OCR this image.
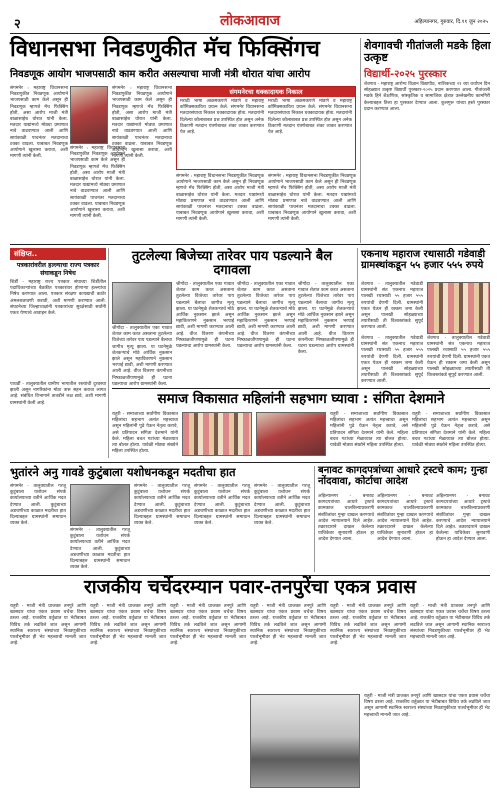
२	लोकआवाज	अहिल्यानगर, गुरुवार, दि.११ जुन २०२५
विधानसभा निवडणुकीत मॅच फिक्सिंगच
निवडणूक आयोग भाजपसाठी काम करीत असल्याचा माजी मंत्री थोरात यांचा आरोप
संगमनेर : महाराष्ट्र विधानसभा निवडणुकीत निवडणूक आयोगाने भाजपसाठी काम केले असून ही निवडणूक म्हणजे मॅच फिक्सिंग होती, असा आरोप माजी मंत्री बाळासाहेब थोरात यांनी केला. मतदार याद्यांमध्ये मोठ्या प्रमाणात नावे वाढवण्यात आली आणि सायंकाळी पाचनंतर मतदानाचा टक्का वाढला. याबाबत निवडणूक आयोगाने खुलासा करावा, अशी मागणी त्यांनी केली.
संगमनेर : महाराष्ट्र विधानसभा निवडणुकीत निवडणूक आयोगाने भाजपसाठी काम केले असून ही निवडणूक म्हणजे मॅच फिक्सिंग होती, असा आरोप माजी मंत्री बाळासाहेब थोरात यांनी केला. मतदार याद्यांमध्ये मोठ्या प्रमाणात नावे वाढवण्यात आली आणि सायंकाळी पाचनंतर मतदानाचा टक्का वाढला. याबाबत निवडणूक आयोगाने खुलासा करावा, अशी मागणी त्यांनी केली.
संगमनेर : महाराष्ट्र विधानसभा निवडणुकीत निवडणूक आयोगाने भाजपसाठी काम केले असून ही निवडणूक म्हणजे मॅच फिक्सिंग होती, असा आरोप माजी मंत्री बाळासाहेब थोरात यांनी केला. मतदार याद्यांमध्ये मोठ्या प्रमाणात नावे वाढवण्यात आली आणि सायंकाळी पाचनंतर मतदानाचा टक्का वाढला. याबाबत निवडणूक आयोगाने खुलासा करावा, अशी मागणी त्यांनी केली.
संगमनेरचा धक्कादायक निकाल
मराठी भाषा आक्रमकपणे मांडणे व महाराष्ट्र कॉमिक्सकारिता प्रयत्न केले. संगमनेर विधानसभा मतदारसंघाचा निकाल धक्कादायक होता. मतदारांनी दिलेल्या कौलाबाबत प्रश्न उपस्थित होत असून अनेक ठिकाणी मतदान यंत्रणेबाबत शंका व्यक्त करण्यात येत आहे.
मराठी भाषा आक्रमकपणे मांडणे व महाराष्ट्र कॉमिक्सकारिता प्रयत्न केले. संगमनेर विधानसभा मतदारसंघाचा निकाल धक्कादायक होता. मतदारांनी दिलेल्या कौलाबाबत प्रश्न उपस्थित होत असून अनेक ठिकाणी मतदान यंत्रणेबाबत शंका व्यक्त करण्यात येत आहे.
संगमनेर : महाराष्ट्र विधानसभा निवडणुकीत निवडणूक आयोगाने भाजपसाठी काम केले असून ही निवडणूक म्हणजे मॅच फिक्सिंग होती, असा आरोप माजी मंत्री बाळासाहेब थोरात यांनी केला. मतदार याद्यांमध्ये मोठ्या प्रमाणात नावे वाढवण्यात आली आणि सायंकाळी पाचनंतर मतदानाचा टक्का वाढला. याबाबत निवडणूक आयोगाने खुलासा करावा, अशी मागणी त्यांनी केली.
संगमनेर : महाराष्ट्र विधानसभा निवडणुकीत निवडणूक आयोगाने भाजपसाठी काम केले असून ही निवडणूक म्हणजे मॅच फिक्सिंग होती, असा आरोप माजी मंत्री बाळासाहेब थोरात यांनी केला. मतदार याद्यांमध्ये मोठ्या प्रमाणात नावे वाढवण्यात आली आणि सायंकाळी पाचनंतर मतदानाचा टक्का वाढला. याबाबत निवडणूक आयोगाने खुलासा करावा, अशी मागणी त्यांनी केली.
शेवगावची गीतांजली मडके हिला उत्कृष्ट
विद्यार्थी-२०२५ पुरस्कार
शेवगाव - महाराष्ट्र आरोग्य विज्ञान विद्यापीठ, नाशिकच्या २१ व्या वर्धापन दिन सोहळ्यात उत्कृष्ट विद्यार्थी पुरस्कार-२०२५ प्रदान करण्यात आला. गीतांजली मडके हिने शैक्षणिक, सांस्कृतिक व सामाजिक क्षेत्रात उल्लेखनीय कामगिरी केल्याबद्दल तिला हा पुरस्कार देण्यात आला. कुलगुरू यांच्या हस्ते पुरस्कार प्रदान करण्यात आला.
संक्षिप्त..
पत्रकारांवरील हल्ल्याचा राज्य पत्रकार संघाकडून निषेध
शिर्डी - महाराष्ट्र राज्य पत्रकार संघाच्या शिर्डीतील पदाधिकाऱ्यांच्या बैठकीत पत्रकारांवर होणाऱ्या हल्ल्यांचा निषेध करण्यात आला. पत्रकार संरक्षण कायद्याची कठोर अंमलबजावणी करावी, अशी मागणी करण्यात आली. संघटनेच्या जिल्हाध्यक्षांनी पत्रकारांच्या सुरक्षेसाठी सर्वांनी एकत्र येण्याचे आवाहन केले.
पाथर्डी - तालुक्यातील ग्रामीण भागातील रस्त्यांची दुरवस्था झाली असून नागरिकांना मोठा त्रास सहन करावा लागत आहे. संबंधित विभागाने तातडीने लक्ष द्यावे, अशी मागणी ग्रामस्थांनी केली आहे.
तुटलेल्या बिजेच्या तारेवर पाय पडल्याने बैल दगावला
श्रीगोंदा - तालुक्यातील एका गावात शेतात काम करत असताना तुटलेल्या विजेच्या तारेवर पाय पडल्याने बैलाचा जागीच मृत्यू झाला. या घटनेमुळे शेतकऱ्याचे मोठे आर्थिक नुकसान झाले असून महावितरणने नुकसान भरपाई द्यावी, अशी मागणी करण्यात आली आहे. वीज वितरण कंपनीच्या निष्काळजीपणामुळे ही घटना घडल्याचा आरोप ग्रामस्थांनी केला.
श्रीगोंदा - तालुक्यातील एका गावात शेतात काम करत असताना तुटलेल्या विजेच्या तारेवर पाय पडल्याने बैलाचा जागीच मृत्यू झाला. या घटनेमुळे शेतकऱ्याचे मोठे आर्थिक नुकसान झाले असून महावितरणने नुकसान भरपाई द्यावी, अशी मागणी करण्यात आली आहे. वीज वितरण कंपनीच्या निष्काळजीपणामुळे ही घटना घडल्याचा आरोप ग्रामस्थांनी केला.
श्रीगोंदा - तालुक्यातील एका गावात शेतात काम करत असताना तुटलेल्या विजेच्या तारेवर पाय पडल्याने बैलाचा जागीच मृत्यू झाला. या घटनेमुळे शेतकऱ्याचे मोठे आर्थिक नुकसान झाले असून महावितरणने नुकसान भरपाई द्यावी, अशी मागणी करण्यात आली आहे. वीज वितरण कंपनीच्या निष्काळजीपणामुळे ही घटना घडल्याचा आरोप ग्रामस्थांनी केला.
श्रीगोंदा - तालुक्यातील एका गावात शेतात काम करत असताना तुटलेल्या विजेच्या तारेवर पाय पडल्याने बैलाचा जागीच मृत्यू झाला. या घटनेमुळे शेतकऱ्याचे मोठे आर्थिक नुकसान झाले असून महावितरणने नुकसान भरपाई द्यावी, अशी मागणी करण्यात आली आहे. वीज वितरण कंपनीच्या निष्काळजीपणामुळे ही घटना घडल्याचा आरोप ग्रामस्थांनी केला.
एकनाथ महाराज रथासाठी गडेवाडी ग्रामस्थांकडून ५५ हजार ५५५ रुपये
शेवगाव - तालुक्यातील गडेवाडी ग्रामस्थांनी संत एकनाथ महाराज पालखी रथासाठी ५५ हजार ५५५ रुपयांची देणगी दिली. ग्रामस्थांनी एकत्र येऊन ही रक्कम जमा केली असून पालखी सोहळ्याच्या तयारीसाठी ती विश्वस्तांकडे सुपूर्द करण्यात आली.
शेवगाव - तालुक्यातील गडेवाडी ग्रामस्थांनी संत एकनाथ महाराज पालखी रथासाठी ५५ हजार ५५५ रुपयांची देणगी दिली. ग्रामस्थांनी एकत्र येऊन ही रक्कम जमा केली असून पालखी सोहळ्याच्या तयारीसाठी ती विश्वस्तांकडे सुपूर्द करण्यात आली.
शेवगाव - तालुक्यातील गडेवाडी ग्रामस्थांनी संत एकनाथ महाराज पालखी रथासाठी ५५ हजार ५५५ रुपयांची देणगी दिली. ग्रामस्थांनी एकत्र येऊन ही रक्कम जमा केली असून पालखी सोहळ्याच्या तयारीसाठी ती विश्वस्तांकडे सुपूर्द करण्यात आली.
समाज विकासात महिलांनी सहभाग घ्यावा : संगिता देशमाने
राहुरी - समाजाच्या सर्वांगीण विकासात महिलांचा सहभाग अत्यंत महत्त्वाचा असून महिलांनी पुढे येऊन नेतृत्व करावे, असे प्रतिपादन संगिता देशमाने यांनी केले. महिला बचत गटांच्या मेळाव्यात त्या बोलत होत्या. यावेळी मोठ्या संख्येने महिला उपस्थित होत्या.
राहुरी - समाजाच्या सर्वांगीण विकासात महिलांचा सहभाग अत्यंत महत्त्वाचा असून महिलांनी पुढे येऊन नेतृत्व करावे, असे प्रतिपादन संगिता देशमाने यांनी केले. महिला बचत गटांच्या मेळाव्यात त्या बोलत होत्या. यावेळी मोठ्या संख्येने महिला उपस्थित होत्या.
राहुरी - समाजाच्या सर्वांगीण विकासात महिलांचा सहभाग अत्यंत महत्त्वाचा असून महिलांनी पुढे येऊन नेतृत्व करावे, असे प्रतिपादन संगिता देशमाने यांनी केले. महिला बचत गटांच्या मेळाव्यात त्या बोलत होत्या. यावेळी मोठ्या संख्येने महिला उपस्थित होत्या.
भुतांरने अनु गावडे कुटुंबाला यशोधनकडून मदतीचा हात
संगमनेर - तालुक्यातील गरजू कुटुंबाला यशोधन संपर्क कार्यालयाच्या वतीने आर्थिक मदत देण्यात आली. कुटुंबाच्या अडचणीच्या काळात मदतीचा हात दिल्याबद्दल ग्रामस्थांनी समाधान व्यक्त केले.
संगमनेर - तालुक्यातील गरजू कुटुंबाला यशोधन संपर्क कार्यालयाच्या वतीने आर्थिक मदत देण्यात आली. कुटुंबाच्या अडचणीच्या काळात मदतीचा हात दिल्याबद्दल ग्रामस्थांनी समाधान व्यक्त केले.
संगमनेर - तालुक्यातील गरजू कुटुंबाला यशोधन संपर्क कार्यालयाच्या वतीने आर्थिक मदत देण्यात आली. कुटुंबाच्या अडचणीच्या काळात मदतीचा हात दिल्याबद्दल ग्रामस्थांनी समाधान व्यक्त केले.
संगमनेर - तालुक्यातील गरजू कुटुंबाला यशोधन संपर्क कार्यालयाच्या वतीने आर्थिक मदत देण्यात आली. कुटुंबाच्या अडचणीच्या काळात मदतीचा हात दिल्याबद्दल ग्रामस्थांनी समाधान व्यक्त केले.
संगमनेर - तालुक्यातील गरजू कुटुंबाला यशोधन संपर्क कार्यालयाच्या वतीने आर्थिक मदत देण्यात आली. कुटुंबाच्या अडचणीच्या काळात मदतीचा हात दिल्याबद्दल ग्रामस्थांनी समाधान व्यक्त केले.
बनावट कागदपत्रांच्या आधारे ट्रस्टचे काम; गुन्हा नोंदवावा, कोर्टाचा आदेश
अहिल्यानगर - बनावट कागदपत्रांच्या आधारे ट्रस्टचे कामकाज चालविल्याप्रकरणी संबंधितांवर गुन्हा दाखल करण्याचे आदेश न्यायालयाने दिले आहेत. तक्रारदाराने दाखल केलेल्या याचिकेवर सुनावणी होऊन हा आदेश देण्यात आला.
अहिल्यानगर - बनावट कागदपत्रांच्या आधारे ट्रस्टचे कामकाज चालविल्याप्रकरणी संबंधितांवर गुन्हा दाखल करण्याचे आदेश न्यायालयाने दिले आहेत. तक्रारदाराने दाखल केलेल्या याचिकेवर सुनावणी होऊन हा आदेश देण्यात आला.
अहिल्यानगर - बनावट कागदपत्रांच्या आधारे ट्रस्टचे कामकाज चालविल्याप्रकरणी संबंधितांवर गुन्हा दाखल करण्याचे आदेश न्यायालयाने दिले आहेत. तक्रारदाराने दाखल केलेल्या याचिकेवर सुनावणी होऊन हा आदेश देण्यात आला.
राजकीय चर्चेदरम्यान पवार-तनपुरेंचा एकत्र प्रवास
राहुरी - माजी मंत्री प्राजक्त तनपुरे आणि खासदार यांचा एकत्र प्रवास चर्चेचा विषय ठरला आहे. राजकीय वर्तुळात या भेटीबाबत विविध तर्क लढविले जात असून आगामी स्थानिक स्वराज्य संस्थांच्या निवडणुकीच्या पार्श्वभूमीवर ही भेट महत्त्वाची मानली जात आहे.
राहुरी - माजी मंत्री प्राजक्त तनपुरे आणि खासदार यांचा एकत्र प्रवास चर्चेचा विषय ठरला आहे. राजकीय वर्तुळात या भेटीबाबत विविध तर्क लढविले जात असून आगामी स्थानिक स्वराज्य संस्थांच्या निवडणुकीच्या पार्श्वभूमीवर ही भेट महत्त्वाची मानली जात आहे.
राहुरी - माजी मंत्री प्राजक्त तनपुरे आणि खासदार यांचा एकत्र प्रवास चर्चेचा विषय ठरला आहे. राजकीय वर्तुळात या भेटीबाबत विविध तर्क लढविले जात असून आगामी स्थानिक स्वराज्य संस्थांच्या निवडणुकीच्या पार्श्वभूमीवर ही भेट महत्त्वाची मानली जात आहे.
राहुरी - माजी मंत्री प्राजक्त तनपुरे आणि खासदार यांचा एकत्र प्रवास चर्चेचा विषय ठरला आहे. राजकीय वर्तुळात या भेटीबाबत विविध तर्क लढविले जात असून आगामी स्थानिक स्वराज्य संस्थांच्या निवडणुकीच्या पार्श्वभूमीवर ही भेट महत्त्वाची मानली जात आहे.
राहुरी - माजी मंत्री प्राजक्त तनपुरे आणि खासदार यांचा एकत्र प्रवास चर्चेचा विषय ठरला आहे. राजकीय वर्तुळात या भेटीबाबत विविध तर्क लढविले जात असून आगामी स्थानिक स्वराज्य संस्थांच्या निवडणुकीच्या पार्श्वभूमीवर ही भेट महत्त्वाची मानली जात आहे.
राहुरी - माजी मंत्री प्राजक्त तनपुरे आणि खासदार यांचा एकत्र प्रवास चर्चेचा विषय ठरला आहे. राजकीय वर्तुळात या भेटीबाबत विविध तर्क लढविले जात असून आगामी स्थानिक स्वराज्य संस्थांच्या निवडणुकीच्या पार्श्वभूमीवर ही भेट महत्त्वाची मानली जात आहे.
राहुरी - माजी मंत्री प्राजक्त तनपुरे आणि खासदार यांचा एकत्र प्रवास चर्चेचा विषय ठरला आहे. राजकीय वर्तुळात या भेटीबाबत विविध तर्क लढविले जात असून आगामी स्थानिक स्वराज्य संस्थांच्या निवडणुकीच्या पार्श्वभूमीवर ही भेट महत्त्वाची मानली जात आहे.
